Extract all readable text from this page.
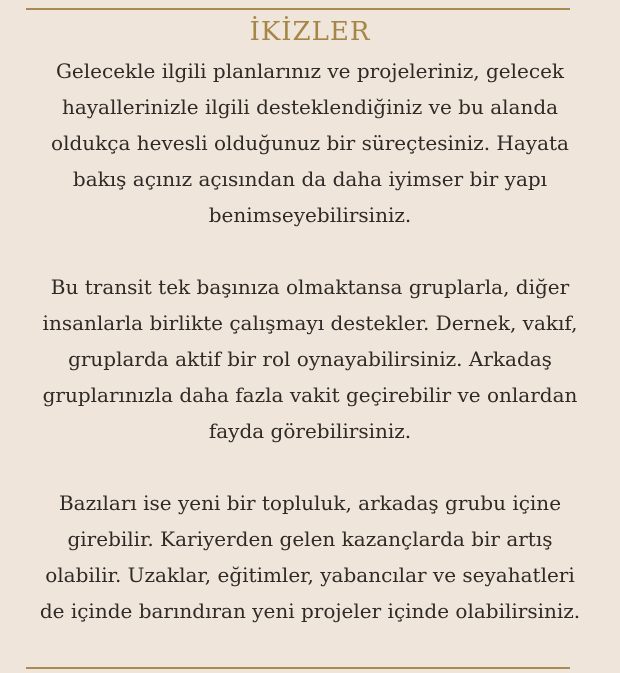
İKİZLER

Gelecekle ilgili planlarınız ve projeleriniz, gelecek
hayallerinizle ilgili desteklendiğiniz ve bu alanda
oldukça hevesli olduğunuz bir süreçtesiniz. Hayata
bakış açınız açısından da daha iyimser bir yapı
benimseyebilirsiniz.

Bu transit tek başınıza olmaktansa gruplarla, diğer
insanlarla birlikte çalışmayı destekler. Dernek, vakıf,
gruplarda aktif bir rol oynayabilirsiniz. Arkadaş
gruplarınızla daha fazla vakit geçirebilir ve onlardan
fayda görebilirsiniz.

Bazıları ise yeni bir topluluk, arkadaş grubu içine
girebilir. Kariyerden gelen kazançlarda bir artış
olabilir. Uzaklar, eğitimler, yabancılar ve seyahatleri
de içinde barındıran yeni projeler içinde olabilirsiniz.
